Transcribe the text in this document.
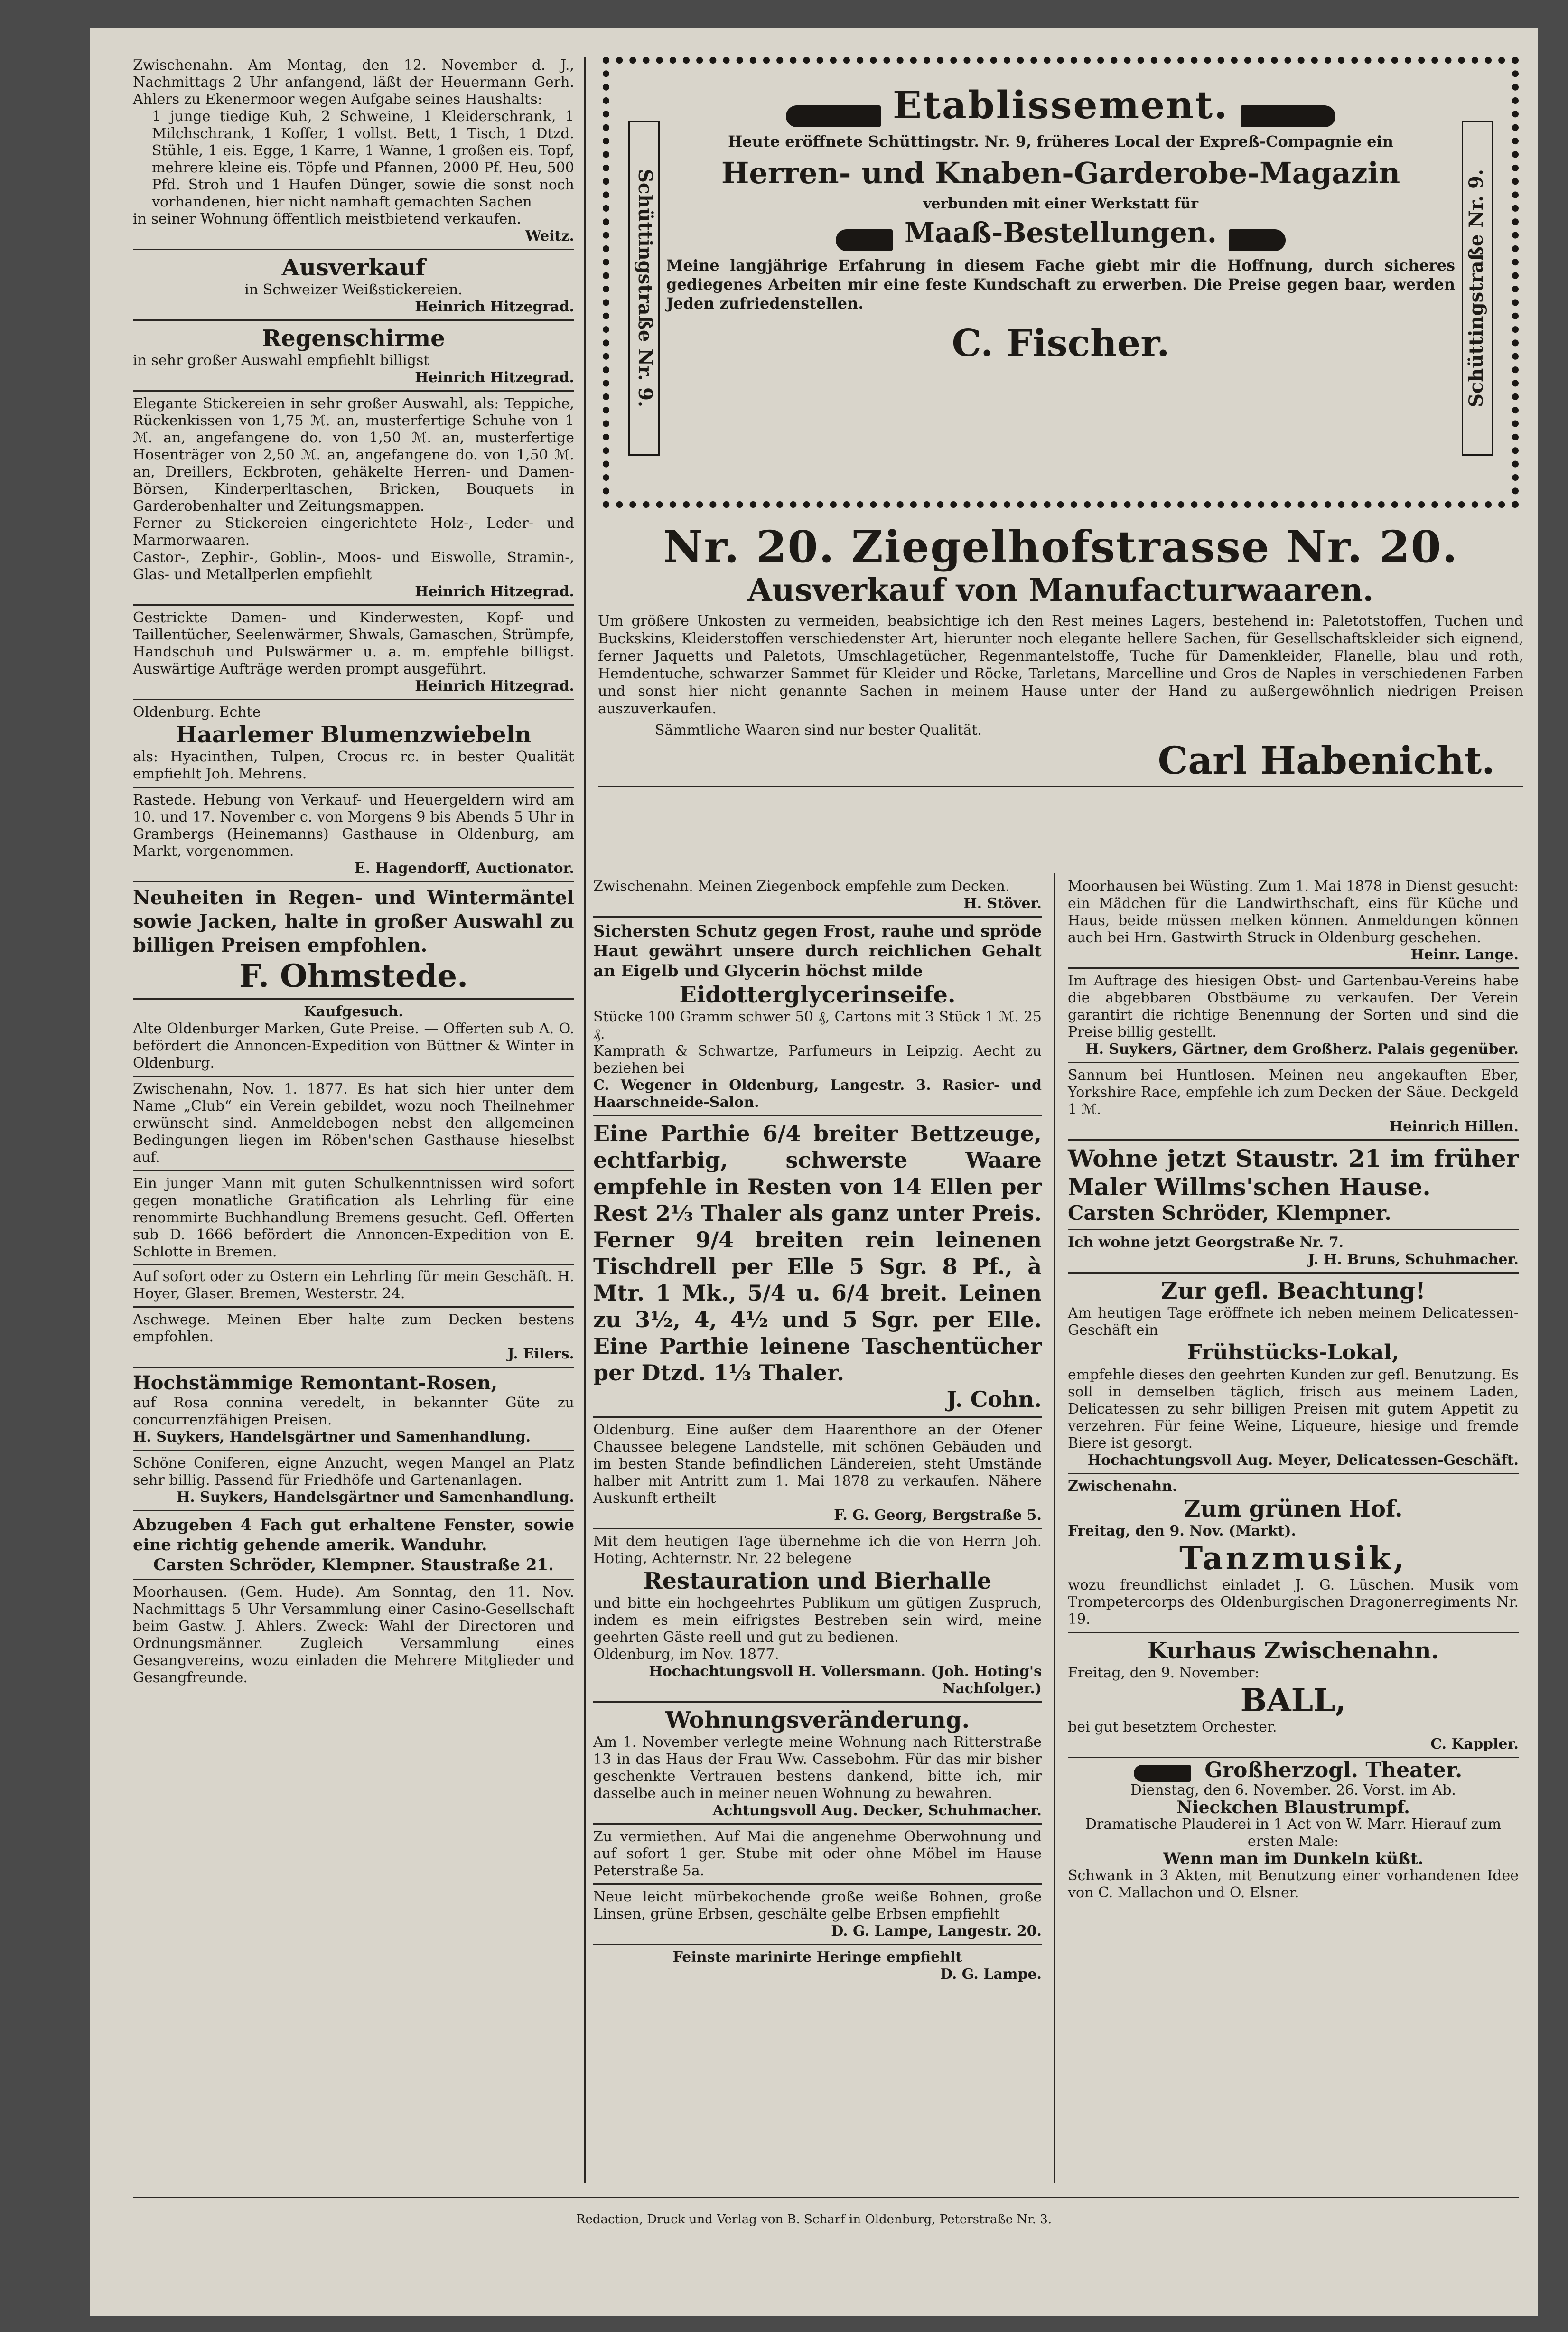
Zwischenahn. Am Montag, den 12. November d. J., Nachmittags 2 Uhr anfangend, läßt der Heuermann Gerh. Ahlers zu Ekenermoor wegen Aufgabe seines Haushalts:

1 junge tiedige Kuh, 2 Schweine, 1 Kleiderschrank, 1 Milchschrank, 1 Koffer, 1 vollst. Bett, 1 Tisch, 1 Dtzd. Stühle, 1 eis. Egge, 1 Karre, 1 Wanne, 1 großen eis. Topf, mehrere kleine eis. Töpfe und Pfannen, 2000 Pf. Heu, 500 Pfd. Stroh und 1 Haufen Dünger, sowie die sonst noch vorhandenen, hier nicht namhaft gemachten Sachen

in seiner Wohnung öffentlich meistbietend verkaufen.

Weitz.

Ausverkauf

in Schweizer Weißstickereien.

Heinrich Hitzegrad.

Regenschirme

in sehr großer Auswahl empfiehlt billigst

Heinrich Hitzegrad.

Elegante Stickereien in sehr großer Auswahl, als: Teppiche, Rückenkissen von 1,75 ℳ. an, musterfertige Schuhe von 1 ℳ. an, angefangene do. von 1,50 ℳ. an, musterfertige Hosenträger von 2,50 ℳ. an, angefangene do. von 1,50 ℳ. an, Dreillers, Eckbroten, gehäkelte Herren- und Damen-Börsen, Kinderperltaschen, Bricken, Bouquets in Garderobenhalter und Zeitungsmappen.

Ferner zu Stickereien eingerichtete Holz-, Leder- und Marmorwaaren.

Castor-, Zephir-, Goblin-, Moos- und Eiswolle, Stramin-, Glas- und Metallperlen empfiehlt

Heinrich Hitzegrad.

Gestrickte Damen- und Kinderwesten, Kopf- und Taillentücher, Seelenwärmer, Shwals, Gamaschen, Strümpfe, Handschuh und Pulswärmer u. a. m. empfehle billigst. Auswärtige Aufträge werden prompt ausgeführt.

Heinrich Hitzegrad.

Oldenburg. Echte

Haarlemer Blumenzwiebeln

als: Hyacinthen, Tulpen, Crocus rc. in bester Qualität empfiehlt Joh. Mehrens.

Rastede. Hebung von Verkauf- und Heuergeldern wird am 10. und 17. November c. von Morgens 9 bis Abends 5 Uhr in Grambergs (Heinemanns) Gasthause in Oldenburg, am Markt, vorgenommen.

E. Hagendorff, Auctionator.

Neuheiten in Regen- und Wintermäntel sowie Jacken, halte in großer Auswahl zu billigen Preisen empfohlen.

F. Ohmstede.

Kaufgesuch.

Alte Oldenburger Marken, Gute Preise. — Offerten sub A. O. befördert die Annoncen-Expedition von Büttner & Winter in Oldenburg.

Zwischenahn, Nov. 1. 1877. Es hat sich hier unter dem Name „Club“ ein Verein gebildet, wozu noch Theilnehmer erwünscht sind. Anmeldebogen nebst den allgemeinen Bedingungen liegen im Röben'schen Gasthause hieselbst auf.

Ein junger Mann mit guten Schulkenntnissen wird sofort gegen monatliche Gratification als Lehrling für eine renommirte Buchhandlung Bremens gesucht. Gefl. Offerten sub D. 1666 befördert die Annoncen-Expedition von E. Schlotte in Bremen.

Auf sofort oder zu Ostern ein Lehrling für mein Geschäft. H. Hoyer, Glaser. Bremen, Westerstr. 24.

Aschwege. Meinen Eber halte zum Decken bestens empfohlen.

J. Eilers.

Hochstämmige Remontant-Rosen,

auf Rosa connina veredelt, in bekannter Güte zu concurrenzfähigen Preisen.

H. Suykers, Handelsgärtner und Samenhandlung.

Schöne Coniferen, eigne Anzucht, wegen Mangel an Platz sehr billig. Passend für Friedhöfe und Gartenanlagen.

H. Suykers, Handelsgärtner und Samenhandlung.

Abzugeben 4 Fach gut erhaltene Fenster, sowie eine richtig gehende amerik. Wanduhr.

Carsten Schröder, Klempner. Staustraße 21.

Moorhausen. (Gem. Hude). Am Sonntag, den 11. Nov. Nachmittags 5 Uhr Versammlung einer Casino-Gesellschaft beim Gastw. J. Ahlers. Zweck: Wahl der Directoren und Ordnungsmänner. Zugleich Versammlung eines Gesangvereins, wozu einladen die Mehrere Mitglieder und Gesangfreunde.

Schüttingstraße Nr. 9.	Schüttingstraße Nr. 9.
Etablissement.

Heute eröffnete Schüttingstr. Nr. 9, früheres Local der Expreß-Compagnie ein

Herren- und Knaben-Garderobe-Magazin

verbunden mit einer Werkstatt für

Maaß-Bestellungen.

Meine langjährige Erfahrung in diesem Fache giebt mir die Hoffnung, durch sicheres gediegenes Arbeiten mir eine feste Kundschaft zu erwerben. Die Preise gegen baar, werden Jeden zufriedenstellen.

C. Fischer.

Nr. 20. Ziegelhofstrasse Nr. 20.

Ausverkauf von Manufacturwaaren.

Um größere Unkosten zu vermeiden, beabsichtige ich den Rest meines Lagers, bestehend in: Paletotstoffen, Tuchen und Buckskins, Kleiderstoffen verschiedenster Art, hierunter noch elegante hellere Sachen, für Gesellschaftskleider sich eignend, ferner Jaquetts und Paletots, Umschlagetücher, Regenmantelstoffe, Tuche für Damenkleider, Flanelle, blau und roth, Hemdentuche, schwarzer Sammet für Kleider und Röcke, Tarletans, Marcelline und Gros de Naples in verschiedenen Farben und sonst hier nicht genannte Sachen in meinem Hause unter der Hand zu außergewöhnlich niedrigen Preisen auszuverkaufen.

Sämmtliche Waaren sind nur bester Qualität.

Carl Habenicht.

Zwischenahn. Meinen Ziegenbock empfehle zum Decken.

H. Stöver.

Sichersten Schutz gegen Frost, rauhe und spröde Haut gewährt unsere durch reichlichen Gehalt an Eigelb und Glycerin höchst milde

Eidotterglycerinseife.

Stücke 100 Gramm schwer 50 ₰, Cartons mit 3 Stück 1 ℳ. 25 ₰.

Kamprath & Schwartze, Parfumeurs in Leipzig. Aecht zu beziehen bei

C. Wegener in Oldenburg, Langestr. 3. Rasier- und Haarschneide-Salon.

Eine Parthie 6/4 breiter Bettzeuge, echtfarbig, schwerste Waare empfehle in Resten von 14 Ellen per Rest 2⅓ Thaler als ganz unter Preis. Ferner 9/4 breiten rein leinenen Tischdrell per Elle 5 Sgr. 8 Pf., à Mtr. 1 Mk., 5/4 u. 6/4 breit. Leinen zu 3½, 4, 4½ und 5 Sgr. per Elle. Eine Parthie leinene Taschentücher per Dtzd. 1⅓ Thaler.

J. Cohn.

Oldenburg. Eine außer dem Haarenthore an der Ofener Chaussee belegene Landstelle, mit schönen Gebäuden und im besten Stande befindlichen Ländereien, steht Umstände halber mit Antritt zum 1. Mai 1878 zu verkaufen. Nähere Auskunft ertheilt

F. G. Georg, Bergstraße 5.

Mit dem heutigen Tage übernehme ich die von Herrn Joh. Hoting, Achternstr. Nr. 22 belegene

Restauration und Bierhalle

und bitte ein hochgeehrtes Publikum um gütigen Zuspruch, indem es mein eifrigstes Bestreben sein wird, meine geehrten Gäste reell und gut zu bedienen.

Oldenburg, im Nov. 1877.

Hochachtungsvoll H. Vollersmann. (Joh. Hoting's Nachfolger.)

Wohnungsveränderung.

Am 1. November verlegte meine Wohnung nach Ritterstraße 13 in das Haus der Frau Ww. Cassebohm. Für das mir bisher geschenkte Vertrauen bestens dankend, bitte ich, mir dasselbe auch in meiner neuen Wohnung zu bewahren.

Achtungsvoll Aug. Decker, Schuhmacher.

Zu vermiethen. Auf Mai die angenehme Oberwohnung und auf sofort 1 ger. Stube mit oder ohne Möbel im Hause Peterstraße 5a.

Neue leicht mürbekochende große weiße Bohnen, große Linsen, grüne Erbsen, geschälte gelbe Erbsen empfiehlt

D. G. Lampe, Langestr. 20.

Feinste marinirte Heringe empfiehlt

D. G. Lampe.

Moorhausen bei Wüsting. Zum 1. Mai 1878 in Dienst gesucht: ein Mädchen für die Landwirthschaft, eins für Küche und Haus, beide müssen melken können. Anmeldungen können auch bei Hrn. Gastwirth Struck in Oldenburg geschehen.

Heinr. Lange.

Im Auftrage des hiesigen Obst- und Gartenbau-Vereins habe die abgebbaren Obstbäume zu verkaufen. Der Verein garantirt die richtige Benennung der Sorten und sind die Preise billig gestellt.

H. Suykers, Gärtner, dem Großherz. Palais gegenüber.

Sannum bei Huntlosen. Meinen neu angekauften Eber, Yorkshire Race, empfehle ich zum Decken der Säue. Deckgeld 1 ℳ.

Heinrich Hillen.

Wohne jetzt Staustr. 21 im früher Maler Willms'schen Hause.

Carsten Schröder, Klempner.

Ich wohne jetzt Georgstraße Nr. 7.

J. H. Bruns, Schuhmacher.

Zur gefl. Beachtung!

Am heutigen Tage eröffnete ich neben meinem Delicatessen-Geschäft ein

Frühstücks-Lokal,

empfehle dieses den geehrten Kunden zur gefl. Benutzung. Es soll in demselben täglich, frisch aus meinem Laden, Delicatessen zu sehr billigen Preisen mit gutem Appetit zu verzehren. Für feine Weine, Liqueure, hiesige und fremde Biere ist gesorgt.

Hochachtungsvoll Aug. Meyer, Delicatessen-Geschäft.

Zwischenahn.

Zum grünen Hof.

Freitag, den 9. Nov. (Markt).

Tanzmusik,

wozu freundlichst einladet J. G. Lüschen. Musik vom Trompetercorps des Oldenburgischen Dragonerregiments Nr. 19.

Kurhaus Zwischenahn.

Freitag, den 9. November:

BALL,

bei gut besetztem Orchester.

C. Kappler.

Großherzogl. Theater.

Dienstag, den 6. November. 26. Vorst. im Ab.

Nieckchen Blaustrumpf.

Dramatische Plauderei in 1 Act von W. Marr. Hierauf zum ersten Male:

Wenn man im Dunkeln küßt.

Schwank in 3 Akten, mit Benutzung einer vorhandenen Idee von C. Mallachon und O. Elsner.

Redaction, Druck und Verlag von B. Scharf in Oldenburg, Peterstraße Nr. 3.
